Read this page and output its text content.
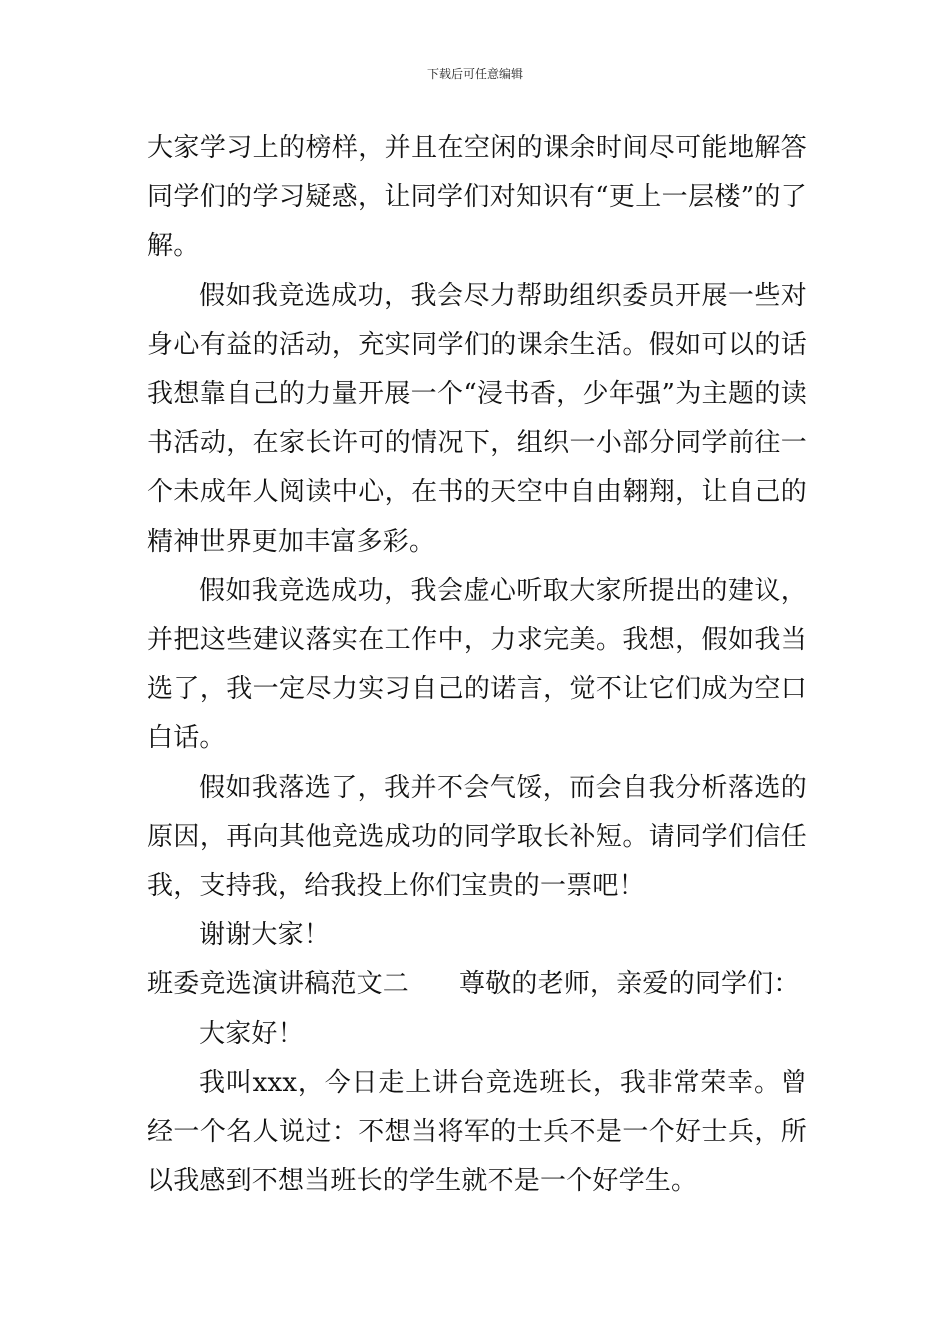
下载后可任意编辑

大家学习上的榜样，并且在空闲的课余时间尽可能地解答同学们的学习疑惑，让同学们对知识有“更上一层楼”的了解。

假如我竞选成功，我会尽力帮助组织委员开展一些对身心有益的活动，充实同学们的课余生活。假如可以的话我想靠自己的力量开展一个“浸书香，少年强”为主题的读书活动，在家长许可的情况下，组织一小部分同学前往一个未成年人阅读中心，在书的天空中自由翱翔，让自己的精神世界更加丰富多彩。

假如我竞选成功，我会虚心听取大家所提出的建议，并把这些建议落实在工作中，力求完美。我想，假如我当选了，我一定尽力实习自己的诺言，觉不让它们成为空口白话。

假如我落选了，我并不会气馁，而会自我分析落选的原因，再向其他竞选成功的同学取长补短。请同学们信任我，支持我，给我投上你们宝贵的一票吧！

谢谢大家！

班委竞选演讲稿范文二 尊敬的老师，亲爱的同学们：

大家好！

我叫xxx，今日走上讲台竞选班长，我非常荣幸。曾经一个名人说过：不想当将军的士兵不是一个好士兵，所以我感到不想当班长的学生就不是一个好学生。
